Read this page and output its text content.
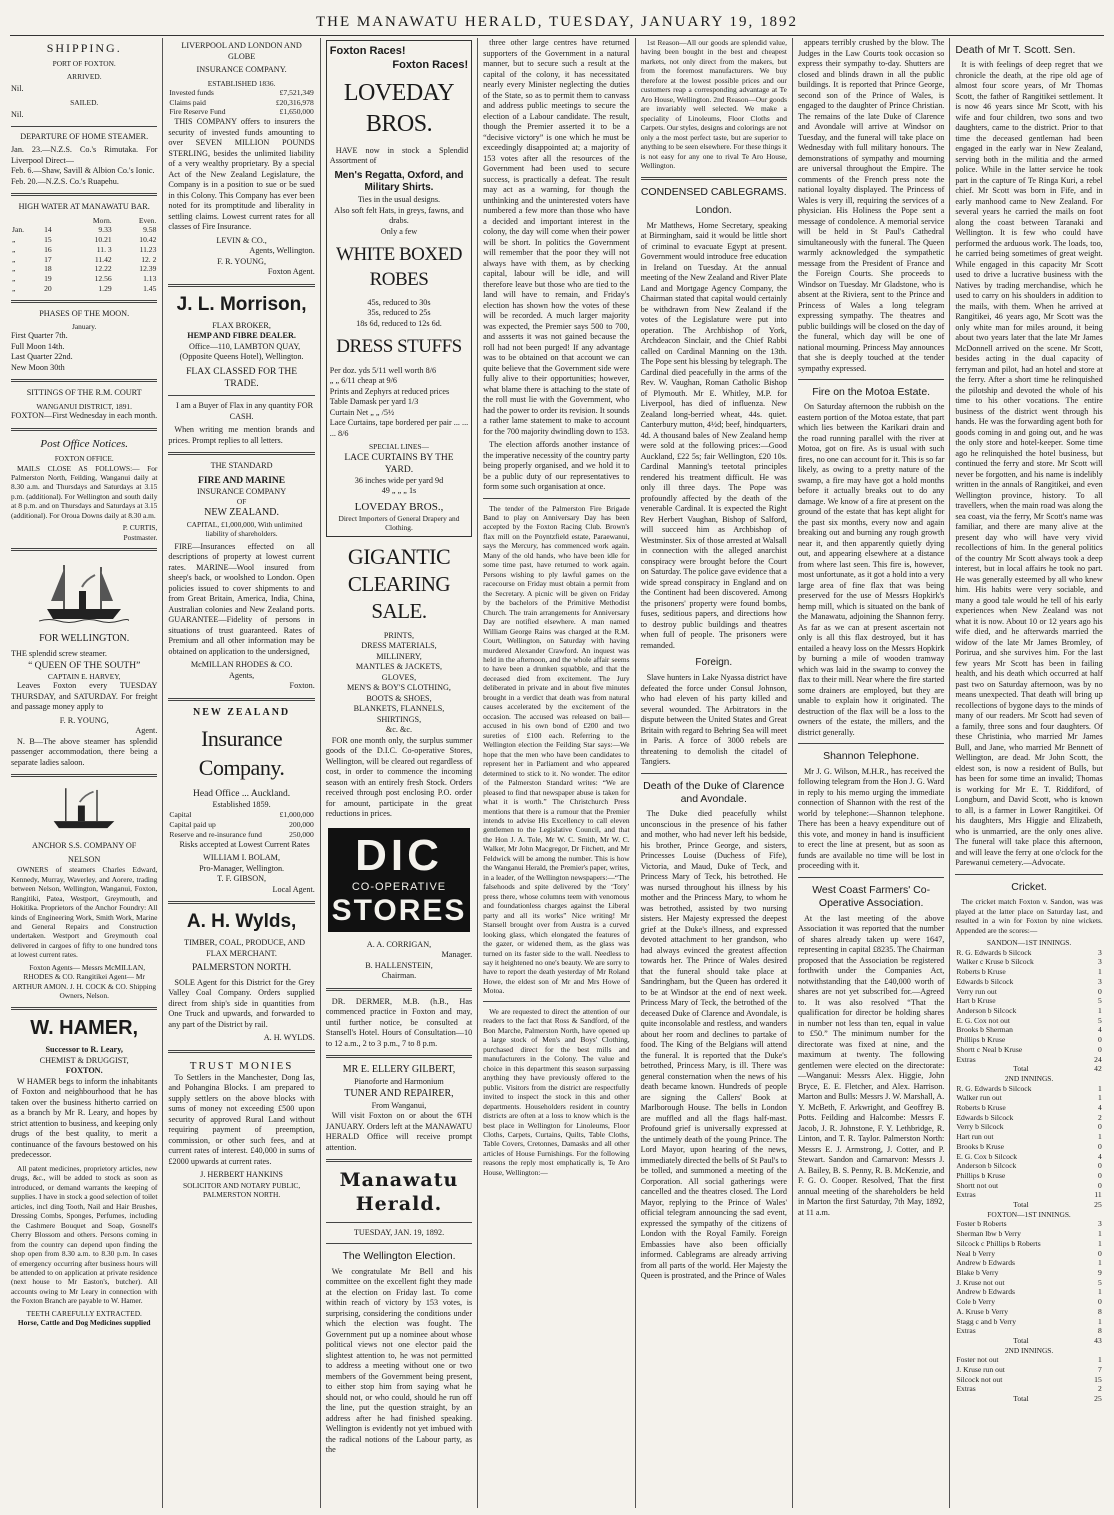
THE MANAWATU HERALD, TUESDAY, JANUARY 19, 1892
SHIPPING.
PORT OF FOXTON.
ARRIVED.
Nil.
SAILED.
Nil.
DEPARTURE OF HOME STEAMER.
Jan. 23.—N.Z.S. Co.'s Rimutaka. For Liverpool Direct—
Feb. 6.—Shaw, Savill & Albion Co.'s Ionic.
Feb. 20.—N.Z.S. Co.'s Ruapehu.
HIGH WATER AT MANAWATU BAR.
		Morn.	Even.
Jan.	14	9.33	9.58
„	15	10.21	10.42
„	16	11. 3	11.23
„	17	11.42	12. 2
„	18	12.22	12.39
„	19	12.56	1.13
„	20	1.29	1.45
PHASES OF THE MOON.
January.
First Quarter 7th.
Full Moon 14th.
Last Quarter 22nd.
New Moon 30th
SITTINGS OF THE R.M. COURT
WANGANUI DISTRICT, 1891.
FOXTON—First Wednesday in each month.
Post Office Notices.
FOXTON OFFICE.

MAILS CLOSE AS FOLLOWS:— For Palmerston North, Feilding, Wanganui daily at 8.30 a.m. and Thursdays and Saturdays at 3.15 p.m. (additional). For Wellington and south daily at 8 p.m. and on Thursdays and Saturdays at 3.15 (additional). For Oroua Downs daily at 8.30 a.m.

P. CURTIS,
Postmaster.
FOR WELLINGTON.
THE splendid screw steamer.
“ QUEEN OF THE SOUTH”
CAPTAIN E. HARVEY,

Leaves Foxton every TUESDAY THURSDAY, and SATURDAY. For freight and passage money apply to

F. R. YOUNG,
Agent.

N. B—The above steamer has splendid passenger accommodation, there being a separate ladies saloon.

ANCHOR S.S. COMPANY OF
NELSON

OWNERS of steamers Charles Edward, Kennedy, Murray, Waverley, and Aorere, trading between Nelson, Wellington, Wanganui, Foxton, Rangitiki, Patea, Westport, Greymouth, and Hokitika. Proprietors of the Anchor Foundry: All kinds of Engineering Work, Smith Work, Marine and General Repairs and Construction undertaken. Westport and Greymouth coal delivered in cargoes of fifty to one hundred tons at lowest current rates.

Foxton Agents— Messrs McMILLAN, RHODES & CO. Rangitikei Agent— Mr ARTHUR AMON. J. H. COCK & CO. Shipping Owners, Nelson.

W. HAMER,
Successor to R. Leary,
CHEMIST & DRUGGIST,
FOXTON.

W HAMER begs to inform the inhabitants of Foxton and neighbourhood that he has taken over the business hitherto carried on as a branch by Mr R. Leary, and hopes by strict attention to business, and keeping only drugs of the best quality, to merit a continuance of the favours bestowed on his predecessor.

All patent medicines, proprietory articles, new drugs, &c., will be added to stock as soon as introduced, or demand warrants the keeping of supplies. I have in stock a good selection of toilet articles, incl ding Tooth, Nail and Hair Brushes, Dressing Combs, Sponges, Perfumes, including the Cashmere Bouquet and Soap, Gosnell's Cherry Blossom and others. Persons coming in from the country can depend upon finding the shop open from 8.30 a.m. to 8.30 p.m. In cases of emergency occurring after business hours will be attended to on application at private residence (next house to Mr Easton's, butcher). All accounts owing to Mr Leary in connection with the Foxton Branch are payable to W. Hamer.

TEETH CAREFULLY EXTRACTED.
Horse, Cattle and Dog Medicines supplied
LIVERPOOL AND LONDON AND GLOBE
INSURANCE COMPANY.
ESTABLISHED 1836.
Invested funds	£7,521,349
Claims paid	£20,316,978
Fire Reserve Fund	£1,650,000

THIS COMPANY offers to insurers the security of invested funds amounting to over SEVEN MILLION POUNDS STERLING, besides the unlimited liability of a very wealthy proprietary. By a special Act of the New Zealand Legislature, the Company is in a position to sue or be sued in this Colony. This Company has ever been noted for its promptitude and liberality in settling claims. Lowest current rates for all classes of Fire Insurance.

LEVIN & CO.,
Agents, Wellington.
F. R. YOUNG,
Foxton Agent.
J. L. Morrison,
FLAX BROKER,
HEMP AND FIBRE DEALER.

Office—110, LAMBTON QUAY, (Opposite Queens Hotel), Wellington.

FLAX CLASSED FOR THE TRADE.

I am a Buyer of Flax in any quantity FOR CASH.

When writing me mention brands and prices. Prompt replies to all letters.

THE STANDARD
FIRE AND MARINE
INSURANCE COMPANY
OF
NEW ZEALAND.

CAPITAL, £1,000,000, With unlimited liability of shareholders.

FIRE—Insurances effected on all descriptions of property at lowest current rates. MARINE—Wool insured from sheep's back, or woolshed to London. Open policies issued to cover shipments to and from Great Britain, America, India, China, Australian colonies and New Zealand ports. GUARANTEE—Fidelity of persons in situations of trust guaranteed. Rates of Premium and all other information may be obtained on application to the undersigned,

McMILLAN RHODES & CO.
Agents,
Foxton.
NEW ZEALAND
Insurance Company.
Head Office ... Auckland.
Established 1859.
Capital	£1,000,000
Capital paid up	200,000
Reserve and re-insurance fund	250,000

Risks accepted at Lowest Current Rates

WILLIAM I. BOLAM,
Pro-Manager, Wellington.
T. F. GIBSON,
Local Agent.
A. H. Wylds,

TIMBER, COAL, PRODUCE, AND FLAX MERCHANT.

PALMERSTON NORTH.

SOLE Agent for this District for the Grey Valley Coal Company. Orders supplied direct from ship's side in quantities from One Truck and upwards, and forwarded to any part of the District by rail.

A. H. WYLDS.
TRUST MONIES

To Settlers in the Manchester, Dong Ias, and Pohangina Blocks. I am prepared to supply settlers on the above blocks with sums of money not exceeding £500 upon security of approved Rural Land without requiring payment of preemption, commission, or other such fees, and at current rates of interest. £40,000 in sums of £2000 upwards at current rates.

J. HERBERT HANKINS
SOLICITOR AND NOTARY PUBLIC,
PALMERSTON NORTH.
Foxton Races!
Foxton Races!
LOVEDAY BROS.

HAVE now in stock a Splendid Assortment of

Men's Regatta, Oxford, and Military Shirts.
Ties in the usual designs.
Also soft felt Hats, in greys, fawns, and drabs.
Only a few
WHITE BOXED ROBES
45s, reduced to 30s
35s, reduced to 25s
18s 6d, reduced to 12s 6d.
DRESS STUFFS
Per doz. yds 5/11 well worth 8/6
„ „ 6/11 cheap at 9/6
Prints and Zephyrs at reduced prices
Table Damask per yard 1/3
Curtain Net „ „ /5½
Lace Curtains, tape bordered per pair ... ... ... 8/6
SPECIAL LINES—
LACE CURTAINS BY THE YARD.
36 inches wide per yard 9d
49 „ „ „ 1s
LOVEDAY BROS.,
Direct Importers of General Drapery and Clothing.
GIGANTIC
CLEARING SALE.
PRINTS,
DRESS MATERIALS,
MILLINERY,
MANTLES & JACKETS,
GLOVES,
MEN'S & BOY'S CLOTHING,
BOOTS & SHOES,
BLANKETS, FLANNELS,
SHIRTINGS,
&c. &c.

FOR one month only, the surplus summer goods of the D.I.C. Co-operative Stores, Wellington, will be cleared out regardless of cost, in order to commence the incoming season with an entirely fresh Stock. Orders received through post enclosing P.O. order for amount, participate in the great reductions in prices.

DIC
CO-OPERATIVE
STORES
A. A. CORRIGAN,
Manager.
B. HALLENSTEIN,
Chairman.

DR. DERMER, M.B. (h.B., Has commenced practice in Foxton and may, until further notice, be consulted at Stansell's Hotel. Hours of Consultation—10 to 12 a.m., 2 to 3 p.m., 7 to 8 p.m.

MR E. ELLERY GILBERT,
Pianoforte and Harmonium
TUNER AND REPAIRER,
From Wanganui,

Will visit Foxton on or about the 6TH JANUARY. Orders left at the MANAWATU HERALD Office will receive prompt attention.

Manawatu Herald.
TUESDAY, JAN. 19, 1892.
The Wellington Election.

We congratulate Mr Bell and his committee on the excellent fight they made at the election on Friday last. To come within reach of victory by 153 votes, is surprising, considering the conditions under which the election was fought. The Government put up a nominee about whose political views not one elector paid the slightest attention to, he was not permitted to address a meeting without one or two members of the Government being present, to either stop him from saying what he should not, or who could, should he run off the line, put the question straight, by an address after he had finished speaking. Wellington is evidently not yet imbued with the radical notions of the Labour party, as the

three other large centres have returned supporters of the Government in a natural manner, but to secure such a result at the capital of the colony, it has necessitated nearly every Minister neglecting the duties of the State, so as to permit them to canvass and address public meetings to secure the election of a Labour candidate. The result, though the Premier asserted it to be a “decisive victory” is one which he must be exceedingly disappointed at; a majority of 153 votes after all the resources of the Government had been used to secure success, is practically a defeat. The result may act as a warning, for though the unthinking and the uninterested voters have numbered a few more than those who have a decided and important interest in the colony, the day will come when their power will be short. In politics the Government will remember that the poor they will not always have with them, as by checking capital, labour will be idle, and will therefore leave but those who are tied to the land will have to remain, and Friday's election has shown how the votes of these will be recorded. A much larger majority was expected, the Premier says 500 to 700, and assserts it was not gained because the roll had not been purged! If any advantage was to be obtained on that account we can quite believe that the Government side were fully alive to their opportunities; however, what blame there is attaching to the state of the roll must lie with the Government, who had the power to order its revision. It sounds a rather lame statement to make to account for the 700 majority dwindling down to 153.

The election affords another instance of the imperative necessity of the country party being properly organised, and we hold it to be a public duty of our representatives to form some such organisation at once.

The tender of the Palmerston Fire Brigade Band to play on Anniversary Day has been accepted by the Foxton Racing Club. Brown's flax mill on the Poyntzfield estate, Paraewanui, says the Mercury, has commenced work again. Many of the old hands, who have been idle for some time past, have returned to work again. Persons wishing to ply lawful games on the racecourse on Friday must obtain a permit from the Secretary. A picnic will be given on Friday by the bachelors of the Primitive Methodist Church. The train arrangements for Anniversary Day are notified elsewhere. A man named William George Rains was charged at the R.M. Court, Wellington, on Saturday with having murdered Alexander Crawford. An inquest was held in the afternoon, and the whole affair seems to have been a drunken squabble, and that the deceased died from excitement. The Jury deliberated in private and in about five minutes brought in a verdict that death was from natural causes accelerated by the excitement of the occasion. The accused was released on bail—accused in his own bond of £200 and two sureties of £100 each. Referring to the Wellington election the Feilding Star says:—We hope that the men who have been candidates to represent her in Parliament and who appeared determined to stick to it. No wonder. The editor of the Palmerston Standard writes: “We are pleased to find that newspaper abuse is taken for what it is worth.” The Christchurch Press mentions that there is a rumour that the Premier intends to advise His Excellency to call eleven gentlemen to the Legislative Council, and that the Hon J. A. Tole, Mr W. C. Smith, Mr W. C. Walker, Mr John Macgregor, Dr Fitchett, and Mr Feldwick will be among the number. This is how the Wanganui Herald, the Premier's paper, writes, in a leader, of the Wellington newspapers:—“The falsehoods and spite delivered by the ‘Tory’ press there, whose columns teem with venomous and foundationless charges against the Liberal party and all its works” Nice writing! Mr Stansell brought over from Austra is a curved looking glass, which elongated the features of the gazer, or widened them, as the glass was turned on its faster side to the wall. Needless to say it heightened no one's beauty. We are sorry to have to report the death yesterday of Mr Roland Howe, the eldest son of Mr and Mrs Howe of Motoa.

We are requested to direct the attention of our readers to the fact that Ross & Sandford, of the Bon Marche, Palmerston North, have opened up a large stock of Men's and Boys' Clothing, purchased direct for the best mills and manufacturers in the Colony. The value and choice in this department this season surpassing anything they have previously offered to the public. Visitors from the district are respectfully invited to inspect the stock in this and other departments. Householders resident in country districts are often at a loss to know which is the best place in Wellington for Linoleums, Floor Cloths, Carpets, Curtains, Quilts, Table Cloths, Table Covers, Cretonnes, Damasks and all other articles of House Furnishings. For the following reasons the reply most emphatically is, Te Aro House, Wellington:—

1st Reason—All our goods are splendid value, having been bought in the best and cheapest markets, not only direct from the makers, but from the foremost manufacturers. We buy therefore at the lowest possible prices and our customers reap a corresponding advantage at Te Aro House, Wellington. 2nd Reason—Our goods are invariably well selected. We make a speciality of Linoleums, Floor Cloths and Carpets. Our styles, designs and colorings are not only a the most perfect taste, but are superior to anything to be seen elsewhere. For these things it is not easy for any one to rival Te Aro House, Wellington.

CONDENSED CABLEGRAMS.
London.

Mr Matthews, Home Secretary, speaking at Birmingham, said it would be little short of criminal to evacuate Egypt at present. Government would introduce free education in Ireland on Tuesday. At the annual meeting of the New Zealand and River Plate Land and Mortgage Agency Company, the Chairman stated that capital would certainly be withdrawn from New Zealand if the votes of the Legislature were put into operation. The Archbishop of York, Archdeacon Sinclair, and the Chief Rabbi called on Cardinal Manning on the 13th. The Pope sent his blessing by telegraph. The Cardinal died peacefully in the arms of the Rev. W. Vaughan, Roman Catholic Bishop of Plymouth. Mr E. Whitley, M.P. for Liverpool, has died of influenza. New Zealand long-berried wheat, 44s. quiet. Canterbury mutton, 4½d; beef, hindquarters, 4d. A thousand bales of New Zealand hemp were sold at the following prices:—Good Auckland, £22 5s; fair Wellington, £20 10s. Cardinal Manning's teetotal principles rendered his treatment difficult. He was only ill three days. The Pope was profoundly affected by the death of the venerable Cardinal. It is expected the Right Rev Herbert Vaughan, Bishop of Salford, will succeed him as Archbishop of Westminster. Six of those arrested at Walsall in connection with the alleged anarchist conspiracy were brought before the Court on Saturday. The police gave evidence that a wide spread conspiracy in England and on the Continent had been discovered. Among the prisoners' property were found bombs, fuses, seditious papers, and directions how to destroy public buildings and theatres when full of people. The prisoners were remanded.

Foreign.

Slave hunters in Lake Nyassa district have defeated the force under Consul Johnson, who had eleven of his party killed and several wounded. The Arbitrators in the dispute between the United States and Great Britain with regard to Behring Sea will meet in Paris. A force of 3000 rebels are threatening to demolish the citadel of Tangiers.

Death of the Duke of Clarence and Avondale.

The Duke died peacefully whilst unconscious in the presence of his father and mother, who had never left his bedside, his brother, Prince George, and sisters, Princesses Louise (Duchess of Fife), Victoria, and Maud, Duke of Teck, and Princess Mary of Teck, his betrothed. He was nursed throughout his illness by his mother and the Princess Mary, to whom he was betrothed, assisted by two nursing sisters. Her Majesty expressed the deepest grief at the Duke's illness, and expressed devoted attachment to her grandson, who had always evinced the greatest affection towards her. The Prince of Wales desired that the funeral should take place at Sandringham, but the Queen has ordered it to be at Windsor at the end of next week. Princess Mary of Teck, the betrothed of the deceased Duke of Clarence and Avondale, is quite inconsolable and restless, and wanders about her room and declines to partake of food. The King of the Belgians will attend the funeral. It is reported that the Duke's betrothed, Princess Mary, is ill. There was general consternation when the news of his death became known. Hundreds of people are signing the Callers' Book at Marlborough House. The bells in London are muffled and all the flags half-mast. Profound grief is universally expressed at the untimely death of the young Prince. The Lord Mayor, upon hearing of the news, immediately directed the bells of St Paul's to be tolled, and summoned a meeting of the Corporation. All social gatherings were cancelled and the theatres closed. The Lord Mayor, replying to the Prince of Wales' official telegram announcing the sad event, expressed the sympathy of the citizens of London with the Royal Family. Foreign Embassies have also been officially informed. Cablegrams are already arriving from all parts of the world. Her Majesty the Queen is prostrated, and the Prince of Wales

appears terribly crushed by the blow. The Judges in the Law Courts took occasion so express their sympathy to-day. Shutters are closed and blinds drawn in all the public buildings. It is reported that Prince George, second son of the Prince of Wales, is engaged to the daughter of Prince Christian. The remains of the late Duke of Clarence and Avondale will arrive at Windsor on Tuesday, and the funeral will take place on Wednesday with full military honours. The demonstrations of sympathy and mourning are universal throughout the Empire. The comments of the French press note the national loyalty displayed. The Princess of Wales is very ill, requiring the services of a physician. His Holiness the Pope sent a message of condolence. A memorial service will be held in St Paul's Cathedral simultaneously with the funeral. The Queen warmly acknowledged the sympathetic message from the President of France and the Foreign Courts. She proceeds to Windsor on Tuesday. Mr Gladstone, who is absent at the Riviera, sent to the Prince and Princess of Wales a long telegram expressing sympathy. The theatres and public buildings will be closed on the day of the funeral, which day will be one of national mourning. Princess May announces that she is deeply touched at the tender sympathy expressed.

Fire on the Motoa Estate.

On Saturday afternoon the rubbish on the eastern portion of the Motoa estate, that part which lies between the Karikari drain and the road running parallel with the river at Motoa, got on fire. As is usual with such fires, no one can account for it. This is so far likely, as owing to a pretty nature of the swamp, a fire may have got a hold months before it actually breaks out to do any damage. We know of a fire at present on the ground of the estate that has kept alight for the past six months, every now and again breaking out and burning any rough growth near it, and then apparently quietly dying out, and appearing elsewhere at a distance from where last seen. This fire is, however, most unfortunate, as it got a hold into a very large area of fine flax that was being preserved for the use of Messrs Hopkirk's hemp mill, which is situated on the bank of the Manawatu, adjoining the Shannon ferry. As far as we can at present ascertain not only is all this flax destroyed, but it has entailed a heavy loss on the Messrs Hopkirk by burning a mile of wooden tramway which was laid in the swamp to convey the flax to their mill. Near where the fire started some drainers are employed, but they are unable to explain how it originated. The destruction of the flax will be a loss to the owners of the estate, the millers, and the district generally.

Shannon Telephone.

Mr J. G. Wilson, M.H.R., has received the following telegram from the Hon J. G. Ward in reply to his memo urging the immediate connection of Shannon with the rest of the world by telephone:—Shannon telephone. There has been a heavy expenditure out of this vote, and money in hand is insufficient to erect the line at present, but as soon as funds are available no time will be lost in proceeding with it.

West Coast Farmers' Co-Operative Association.

At the last meeting of the above Association it was reported that the number of shares already taken up were 1647, representing in capital £8235. The Chairman proposed that the Association be registered forthwith under the Companies Act, notwithstanding that the £40,000 worth of shares are not yet subscribed for.—Agreed to. It was also resolved “That the qualification for director be holding shares in number not less than ten, equal in value to £50.” The minimum number for the directorate was fixed at nine, and the maximum at twenty. The following gentlemen were elected on the directorate:—Wanganui: Messrs Alex. Higgie, John Bryce, E. E. Fletcher, and Alex. Harrison. Marton and Bulls: Messrs J. W. Marshall, A. Y. McBeth, F. Arkwright, and Geoffrey B. Potts. Feilding and Halcombe: Messrs F. Jacob, J. R. Johnstone, F. Y. Lethbridge, R. Linton, and T. R. Taylor. Palmerston North: Messrs E. J. Armstrong, J. Cotter, and P. Stewart. Sandon and Carnarvon: Messrs J. A. Bailey, B. S. Penny, R. B. McKenzie, and F. G. O. Cooper. Resolved, That the first annual meeting of the shareholders be held in Marton the first Saturday, 7th May, 1892, at 11 a.m.

Death of Mr T. Scott. Sen.

It is with feelings of deep regret that we chronicle the death, at the ripe old age of almost four score years, of Mr Thomas Scott, the father of Rangitikei settlement. It is now 46 years since Mr Scott, with his wife and four children, two sons and two daughters, came to the district. Prior to that time the deceased gentleman had been engaged in the early war in New Zealand, serving both in the militia and the armed police. While in the latter service he took part in the capture of Te Ringa Kuri, a rebel chief. Mr Scott was born in Fife, and in early manhood came to New Zealand. For several years he carried the mails on foot along the coast between Taranaki and Wellington. It is few who could have performed the arduous work. The loads, too, he carried being sometimes of great weight. While engaged in this capacity Mr Scott used to drive a lucrative business with the Natives by trading merchandise, which he used to carry on his shoulders in addition to the mails, with them. When he arrived at Rangitikei, 46 years ago, Mr Scott was the only white man for miles around, it being about two years later that the late Mr James McDonnell arrived on the scene. Mr Scott, besides acting in the dual capacity of ferryman and pilot, had an hotel and store at the ferry. After a short time he relinquished the pilotship and devoted the whole of his time to his other vocations. The entire business of the district went through his hands. He was the forwarding agent both for goods coming in and going out, and he was the only store and hotel-keeper. Some time ago he relinquished the hotel business, but continued the ferry and store. Mr Scott will never be forgotten, and his name is indelibly written in the annals of Rangitikei, and even Wellington province, history. To all travellers, when the main road was along the sea coast, via the ferry, Mr Scott's name was familiar, and there are many alive at the present day who will have very vivid recollections of him. In the general politics of the country Mr Scott always took a deep interest, but in local affairs he took no part. He was generally esteemed by all who knew him. His habits were very sociable, and many a good tale would he tell of his early experiences when New Zealand was not what it is now. About 10 or 12 years ago his wife died, and he afterwards married the widow of the late Mr James Bromley, of Porirua, and she survives him. For the last few years Mr Scott has been in failing health, and his death which occurred at half past two on Saturday afternoon, was by no means unexpected. That death will bring up recollections of bygone days to the minds of many of our readers. Mr Scott had seven of a family, three sons and four daughters. Of these Christinia, who married Mr James Bull, and Jane, who married Mr Bennett of Wellington, are dead. Mr John Scott, the eldest son, is now a resident of Bulls, but has been for some time an invalid; Thomas is working for Mr E. T. Riddiford, of Longburn, and David Scott, who is known to all, is a farmer in Lower Rangitikei. Of his daughters, Mrs Higgie and Elizabeth, who is unmarried, are the only ones alive. The funeral will take place this afternoon, and will leave the ferry at one o'clock for the Parewanui cemetery.—Advocate.

Cricket.

The cricket match Foxton v. Sandon, was was played at the latter place on Saturday last, and resulted in a win for Foxton by nine wickets. Appended are the scores:—

SANDON—1ST INNINGS.
R. G. Edwards b Silcock	3
Walker c Kruse b Silcock	3
Roberts b Kruse	1
Edwards b Silcock	3
Verry run out	0
Hart b Kruse	5
Anderson b Silcock	1
E. G. Cox not out	5
Brooks b Sherman	4
Phillips b Kruse	0
Shortt c Neal b Kruse	0
Extras	24
Total	42
2ND INNINGS.
R. G. Edwards b Silcock	1
Walker run out	1
Roberts b Kruse	4
Edwards b Silcock	2
Verry b Silcock	0
Hart run out	1
Brooks b Kruse	0
E. G. Cox b Silcock	4
Anderson b Silcock	0
Phillips b Kruse	0
Shortt not out	0
Extras	11
Total	25
FOXTON—1ST INNINGS.
Foster b Roberts	3
Sherman lbw b Verry	1
Silcock c Phillips b Roberts	1
Neal b Verry	0
Andrew b Edwards	1
Blake b Verry	9
J. Kruse not out	5
Andrew b Edwards	1
Cole b Verry	0
A. Kruse b Verry	8
Stagg c and b Verry	1
Extras	8
Total	43
2ND INNINGS.
Foster not out	1
J. Kruse run out	7
Silcock not out	15
Extras	2
Total	25
